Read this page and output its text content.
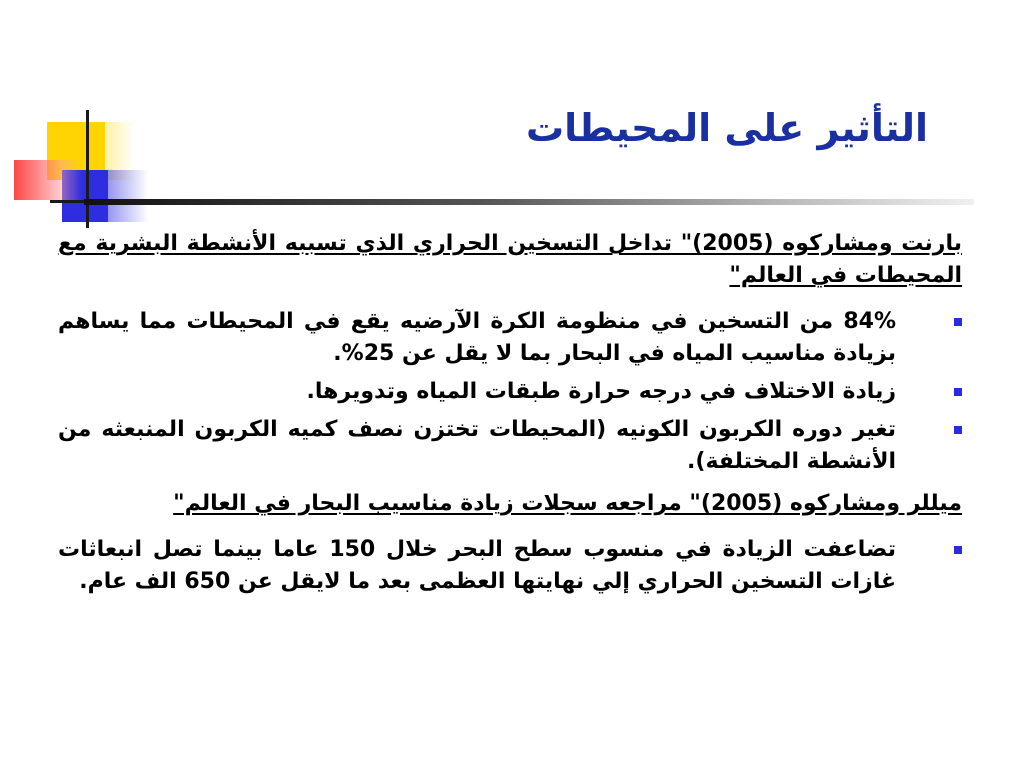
التأثير على المحيطات

بارنت ومشاركوه (2005)" تداخل التسخين الحراري الذي تسببه الأنشطة البشرية مع المحيطات في العالم"

84% من التسخين في منظومة الكرة الآرضيه يقع في المحيطات مما يساهم بزيادة مناسيب المياه في البحار بما لا يقل عن 25%.
زيادة الاختلاف في درجه حرارة طبقات المياه وتدويرها.
تغير دوره الكربون الكونيه (المحيطات تختزن نصف كميه الكربون المنبعثه من الأنشطة المختلفة).

ميللر ومشاركوه (2005)" مراجعه سجلات زيادة مناسيب البحار في العالم"

تضاعفت الزيادة في منسوب سطح البحر خلال 150 عاما بينما تصل انبعاثات غازات التسخين الحراري إلي نهايتها العظمى بعد ما لايقل عن 650 الف عام.
